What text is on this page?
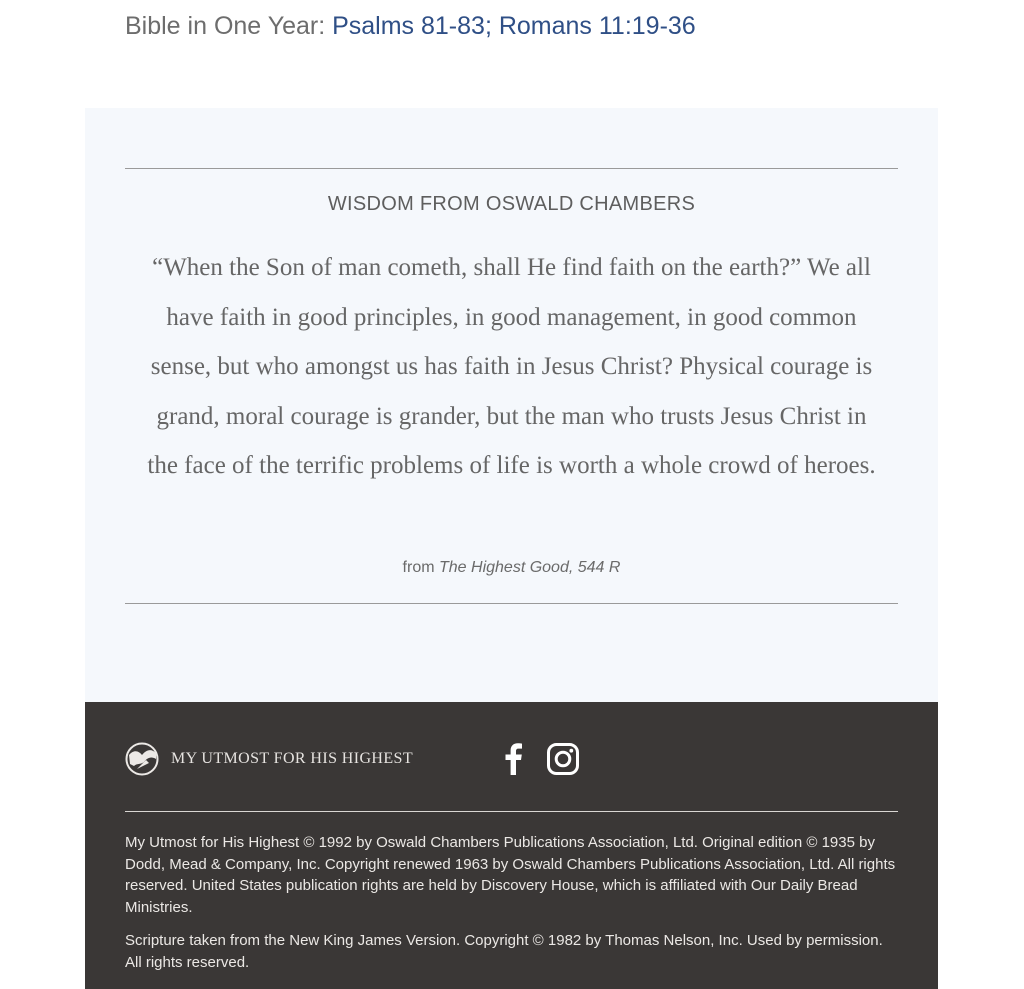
Bible in One Year: Psalms 81-83; Romans 11:19-36
WISDOM FROM OSWALD CHAMBERS
“When the Son of man cometh, shall He find faith on the earth?” We all have faith in good principles, in good management, in good common sense, but who amongst us has faith in Jesus Christ? Physical courage is grand, moral courage is grander, but the man who trusts Jesus Christ in the face of the terrific problems of life is worth a whole crowd of heroes.
from The Highest Good, 544 R
MY UTMOST FOR HIS HIGHEST

My Utmost for His Highest © 1992 by Oswald Chambers Publications Association, Ltd. Original edition © 1935 by Dodd, Mead & Company, Inc. Copyright renewed 1963 by Oswald Chambers Publications Association, Ltd. All rights reserved. United States publication rights are held by Discovery House, which is affiliated with Our Daily Bread Ministries.

Scripture taken from the New King James Version. Copyright © 1982 by Thomas Nelson, Inc. Used by permission. All rights reserved.
